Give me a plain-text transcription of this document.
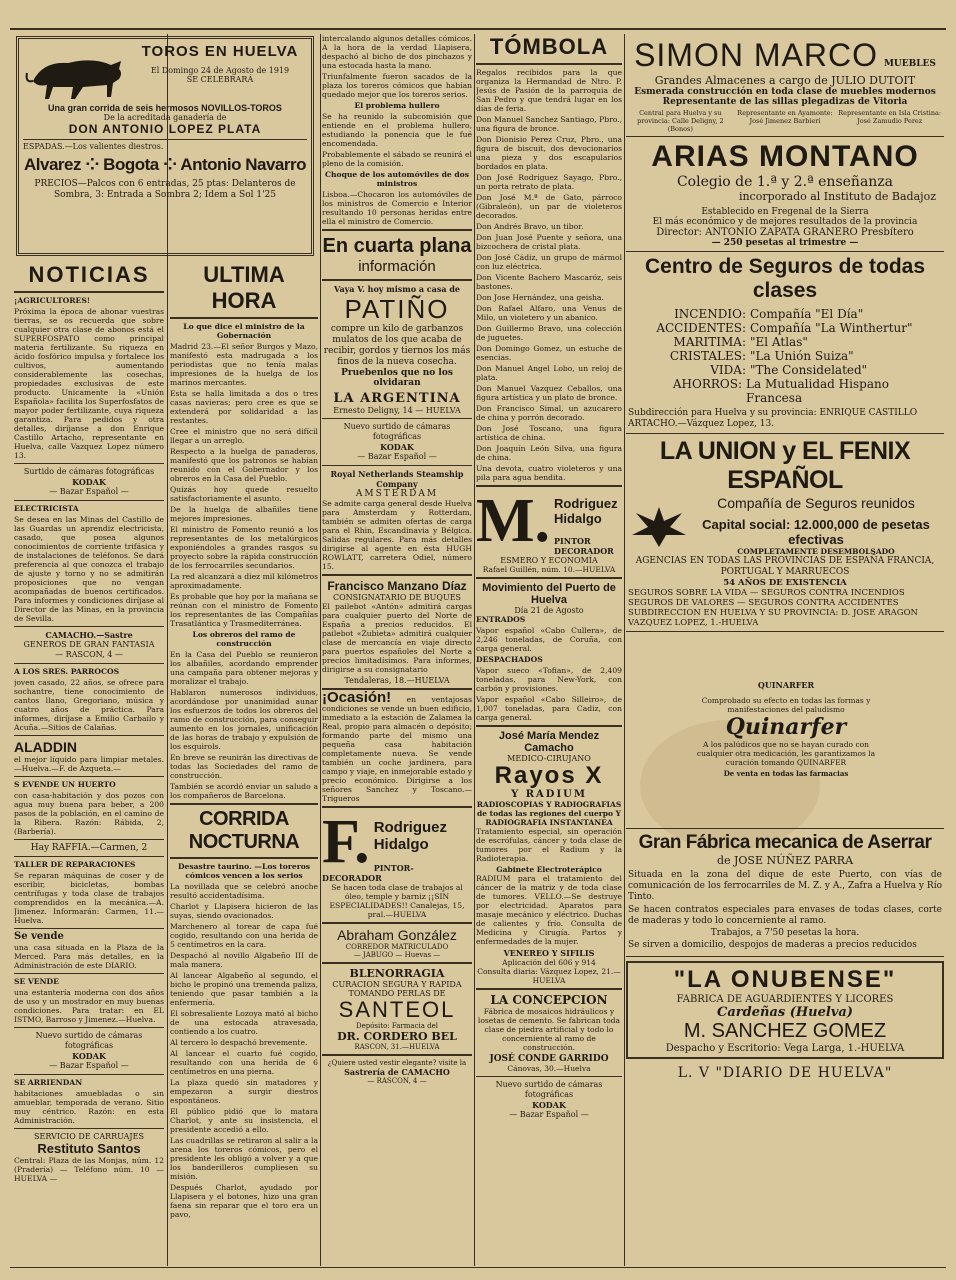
TOROS EN HUELVA
El Domingo 24 de Agosto de 1919
SE CELEBRARÁ
Una gran corrida de seis hermosos NOVILLOS-TOROS
De la acreditada ganadería de
DON ANTONIO LOPEZ PLATA
ESPADAS.—Los valientes diestros.
Alvarez ⁘ Bogota ⁘ Antonio Navarro
PRECIOS—Palcos con 6 entradas, 25 ptas: Delanteros de Sombra, 3: Entrada a Sombra 2; Idem a Sol 1'25
NOTICIAS

¡AGRICULTORES!

Próxima la época de abonar vuestras tierras, se os recuerda que sobre cualquier otra clase de abonos está el SUPERFOSPATO como principal materia fertilizante. Su riqueza en ácido fosfórico impulsa y fortalece los cultivos, aumentando considerablemente las cosechas, propiedades exclusivas de este producto. Unicamente la «Unión Española» facilita los Superfosfatos de mayor poder fertilizante, cuya riqueza garantiza. Para pedidos y otra detalles, diríjanse a don Enrique Castillo Artacho, representante en Huelva, calle Vazquez Lopez número 13.

Surtido de cámaras fotográficas
KODAK
— Bazar Español —

ELECTRICISTA

Se desea en las Minas del Castillo de las Guardas un aprendiz electricista, casado, que posea algunos conocimientos de corriente trifásica y de instalaciones de teléfonos. Se dará preferencia al que conozca el trabajo de ajuste y torno y no se admitirán proposiciones que no vengan acompañadas de buenos certificados. Para informes y condiciones diríjase al Director de las Minas, en la provincia de Sevilla.

CAMACHO.—Sastre
GENEROS DE GRAN FANTASIA
— RASCON, 4 —

A LOS SRES. PARROCOS

joven casado, 22 años, se ofrece para sochantre, tiene conocimiento de cantos llano, Gregoriano, música y cuatro años de práctica. Para informes, diríjase a Emilio Carbailo y Acuña.—Sitios de Calañas.

ALADDIN

el mejor líquido para limpiar metales. —Huelva.—F. de Azqueta.—

S EVENDE UN HUERTO

con casa-habitación y dos pozos con agua muy buena para beber, a 200 pasos de la población, en el camino de la Ribera. Razón: Rábida, 2, (Barbería).

Hay RAFFIA.—Carmen, 2

TALLER DE REPARACIONES

Se reparan máquinas de coser y de escribir, bicicletas, bombas centrífugas y toda clase de trabajos comprendidos en la mecánica.—A. Jimenez. Informarán: Carmen, 11.—Huelva.

Se vende

una casa situada en la Plaza de la Merced. Para más detalles, en la Administración de este DIARIO.

SE VENDE

una estantería moderna con dos años de uso y un mostrador en muy buenas condiciones. Para tratar: en EL ISTMO, Barroso y Jimenez.—Huelva.

Nuevo surtido de cámaras fotográficas
KODAK
— Bazar Español —

SE ARRIENDAN

habitaciones amuebladas o sin amueblar, temporada de verano. Sitio muy céntrico. Razón: en esta Administración.

SERVICIO DE CARRUAJES
Restituto Santos

Central: Plaza de las Monjas, núm. 12 (Pradería) — Teléfono núm. 10 — HUELVA —

ULTIMA HORA

Lo que dice el ministro de la Gobernación

Madrid 23.—El señor Burgos y Mazo, manifestó esta madrugada a los periodistas que no tenía malas impresiones de la huelga de los marinos mercantes.

Esta se halla limitada a dos o tres casas navieras; pero cree es que se extenderá por solidaridad a las restantes.

Cree el ministro que no será difícil llegar a un arreglo.

Respecto a la huelga de panaderos, manifestó que los patronos se habían reunido con el Gobernador y los obreros en la Casa del Pueblo.

Quizás hoy quede resuelto satisfactoriamente el asunto.

De la huelga de albañiles tiene mejores impresiones.

El ministro de Fomento reunió a los representantes de los metalúrgicos exponiéndoles a grandes rasgos su proyecto sobre la rápida construcción de los ferrocarriles secundarios.

La red alcanzará a diez mil kilómetros aproximadamente.

Es probable que hoy por la mañana se reúnan con el ministro de Fomento los representantes de las Compañías Trasatlántica y Trasmediterránea.

Los obreros del ramo de construcción

En la Casa del Pueblo se reunieron los albañiles, acordando emprender una campaña para obtener mejoras y moralizar el trabajo.

Hablaron numerosos individuos, acordándose por unanimidad aunar los esfuerzos de todos los obreros del ramo de construcción, para conseguir aumento en los jornales, unificación de las horas de trabajo y expulsión de los esquirols.

En breve se reunirán las directivas de todas las Sociedades del ramo de construcción.

También se acordó enviar un saludo a los compañeros de Barcelona.

CORRIDA NOCTURNA

Desastre taurino. —Los toreros cómicos vencen a los serios

La novillada que se celebró anoche resultó accidentadísima.

Charlot y Llapisera hicieron de las suyas, siendo ovacionados.

Marchenero al torear de capa fué cogido, resultando con una herida de 5 centímetros en la cara.

Despachó al novillo Algabeño III de mala manera.

Al lancear Algabeño al segundo, el bicho le propinó una tremenda paliza, teniendo que pasar también a la enfermería.

El sobresaliente Lozoya mató al bicho de una estocada atravesada, contiendo a los cuatro.

Al tercero lo despachó brevemente.

Al lancear el cuarto fué cogido, resultando con una herida de 6 centímetros en una pierna.

La plaza quedó sin matadores y empezaron a surgir diestros espontáneos.

El público pidió que lo matara Charlot, y ante su insistencia, el presidente accedió a ello.

Las cuadrillas se retiraron al salir a la arena los toreros cómicos, pero el presidente les obligó a volver y a que los banderilleros cumpliesen su misión.

Después Charlot, ayudado por Llapisera y el botones, hizo una gran faena sin reparar que el toro era un pavo,

intercalando algunos detalles cómicos. A la hora de la verdad Llapisera, despachó al bicho de dos pinchazos y una estocada hasta la mano.

Triunfalmente fueron sacados de la plaza los toreros cómicos que habían quedado mejor que los toreros serios.

El problema hullero

Se ha reunido la subcomisión que entiende en el problema hullero, estudiando la ponencia que le fué encomendada.

Probablemente el sábado se reunirá el pleno de la comisión.

Choque de los automóviles de dos ministros

Lisboa.—Chocaron los automóviles de los ministros de Comercio e Interior resultando 10 personas heridas entre ella el ministro de Comercio.

En cuarta plana
información
Vaya V. hoy mismo a casa de
PATIÑO
compre un kilo de garbanzos mulatos de los que acaba de recibir, gordos y tiernos los más finos de la nueva cosecha.
Pruebenlos que no los olvidaran
LA ARGENTINA
Ernesto Deligny, 14 — HUELVA
Nuevo surtido de cámaras fotográficas
KODAK
— Bazar Español —
Royal Netherlands Steamship Company
AMSTERDAM

Se admite carga general desde Huelva para Amsterdam y Rotterdam, también se admiten ofertas de carga para el Rhin, Escandinavia y Bélgica. Salidas regulares. Para más detalles dirigirse al agente en ésta HUGH ROWLATT, carretera Odiel, número 15.

Francisco Manzano Díaz
CONSIGNATARIO DE BUQUES

El pailebot «Antón» admitirá cargas para cualquier puerto del Norte de España a precios reducidos. El pailebot «Zubieta» admitirá cualquier clase de mercancía en viaje directo para puertos españoles del Norte a precios limitadísimos. Para informes, dirigirse a su consignatario

Tendaleras, 18.—HUELVA

¡Ocasión! en ventajosas condiciones se vende un buen edificio, inmediato a la estación de Zalamea la Real, propio para almacén o depósito; formando parte del mismo una pequeña casa habitación completamente nueva. Se vende también un coche jardinera, para campo y viaje, en inmejorable estado y precio económico. Dirigirse a los señores Sanchez y Toscano.—Trigueros

F. Rodriguez Hidalgo
PINTOR-DECORADOR

Se hacen toda clase de trabajos al óleo, temple y barniz ¡¡SIN ESPECIALIDADES!! Canalejas, 15, pral.—HUELVA

Abraham González
CORREDOR MATRICULADO
— JABUGO — Huevas —
BLENORRAGIA
CURACION SEGURA Y RAPIDA TOMANDO PERLAS DE
SANTEOL
Depósito: Farmacia del
DR. CORDERO BEL
RASCON, 31.—HUELVA
¿Quiere usted vestir elegante? visite la
Sastrería de CAMACHO
— RASCON, 4 —
TÓMBOLA

Regalos recibidos para la que organiza la Hermandad de Ntro. P. Jesús de Pasión de la parroquia de San Pedro y que tendrá lugar en los días de feria.

Don Manuel Sanchez Santiago, Pbro., una figura de bronce.

Don Dionisio Perez Cruz, Pbro., una figura de biscuit, dos devocionarios una pieza y dos escapularios bordados en plata.

Don José Rodriguez Sayago, Pbro., un porta retrato de plata.

Don José M.ª de Gato, párroco (Gibraleón), un par de violeteros decorados.

Don Andrés Bravo, un tibor.

Don Juan José Puente y señora, una bizcochera de cristal plata.

Don José Cádiz, un grupo de mármol con luz eléctrica.

Don Vicente Bachero Mascaróz, seis bastones.

Don Jose Hernández, una geisha.

Don Rafael Alfaro, una Venus de Milo, un violetero y un abanico.

Don Guillermo Bravo, una colección de juguetes.

Don Domingo Gomez, un estuche de esencias.

Don Manuel Angel Lobo, un reloj de plata.

Don Manuel Vazquez Ceballos, una figura artística y un plato de bronce.

Don Francisco Simal, un azucarero de china y porrón decorado.

Don José Toscano, una figura artística de china.

Don Joaquín León Silva, una figura de china.

Una devota, cuatro violeteros y una pila para agua bendita.

M. Rodriguez Hidalgo
PINTOR DECORADOR
ESMERO Y ECONOMÍA
Rafael Guillén, núm. 10.—HUELVA
Movimiento del Puerto de Huelva
Día 21 de Agosto

ENTRADOS

Vapor español «Cabo Cullera», de 2,246 toneladas, de Coruña, con carga general.

DESPACHADOS

Vapor sueco «Tofian», de 2,409 toneladas, para New-York, con carbón y provisiones.

Vapor español «Cabo Silleiro», de 1,007 toneladas, para Cadiz, con carga general.

José María Mendez Camacho
MEDICO-CIRUJANO
Rayos X
Y RADIUM
RADIOSCOPIAS Y RADIOGRAFIAS de todas las regiones del cuerpo Y RADIOGRAFIA INSTANTANEA

Tratamiento especial, sin operación de escrófulas, cáncer y toda clase de tumores por el Radium y la Radioterapia.

Gabinete Electroterápico

RADIUM para el tratamiento del cáncer de la matriz y de toda clase de tumores. VELLO.—Se destruye por electricidad. Aparatos para masaje mecánico y eléctrico. Duchas de calientes y frío. Consulta de Medicina y Cirugía. Partos y enfermedades de la mujer.

VENEREO Y SIFILIS
Aplicación del 606 y 914
Consulta diaria: Vázquez Lopez, 21.—HUELVA
LA CONCEPCION

Fábrica de mosaicos hidráulicos y losetas de cemento. Se fabrican toda clase de piedra artificial y todo lo concerniente al ramo de construcción.

JOSÉ CONDE GARRIDO
Cánovas, 30.—Huelva
Nuevo surtido de cámaras fotográficas
KODAK
— Bazar Español —
SIMON MARCO MUEBLES
Grandes Almacenes a cargo de JULIO DUTOIT
Esmerada construcción en toda clase de muebles modernos
Representante de las sillas plegadizas de Vitoria
Central para Huelva y su provincia: Calle Deligny, 2 (Bonos)
Representante en Ayamonte: José Jimenez Barbieri
Representante en Isla Cristina: José Zamudio Perez
ARIAS MONTANO
Colegio de 1.ª y 2.ª enseñanza
incorporado al Instituto de Badajoz
Establecido en Fregenal de la Sierra
El más económico y de mejores resultados de la provincia
Director: ANTONIO ZAPATA GRANERO Presbítero
— 250 pesetas al trimestre —
Centro de Seguros de todas clases
INCENDIO: Compañía "El Día"
ACCIDENTES: Compañía "La Winthertur"
MARITIMA: "El Atlas"
CRISTALES: "La Unión Suiza"
VIDA: "The Considelated"
AHORROS: La Mutualidad Hispano Francesa
Subdirección para Huelva y su provincia: ENRIQUE CASTILLO ARTACHO.—Vázquez Lopez, 13.
LA UNION y EL FENIX ESPAÑOL
Compañía de Seguros reunidos
Capital social: 12.000,000 de pesetas efectivas
COMPLETAMENTE DESEMBOLSADO
AGENCIAS EN TODAS LAS PROVINCIAS DE ESPAÑA FRANCIA, PORTUGAL Y MARRUECOS
54 AÑOS DE EXISTENCIA
SEGUROS SOBRE LA VIDA — SEGUROS CONTRA INCENDIOS
SEGUROS DE VALORES — SEGUROS CONTRA ACCIDENTES
SUBDIRECCION EN HUELVA Y SU PROVINCIA: D. JOSE ARAGON VAZQUEZ LOPEZ, 1.-HUELVA
QUINARFER
Comprobado su efecto en todas las formas y manifestaciones del paludismo
Quinarfer
A los palúdicos que no se hayan curado con cualquier otra medicación, les garantizamos la curación tomando QUINARFER
De venta en todas las farmacias
Gran Fábrica mecanica de Aserrar
de JOSE NÚÑEZ PARRA

Situada en la zona del dique de este Puerto, con vías de comunicación de los ferrocarriles de M. Z. y A., Zafra a Huelva y Río Tinto.

Se hacen contratos especiales para envases de todas clases, corte de maderas y todo lo concerniente al ramo.

Trabajos, a 7'50 pesetas la hora.

Se sirven a domicilio, despojos de maderas a precios reducidos

"LA ONUBENSE"
FABRICA DE AGUARDIENTES Y LICORES
Cardeñas (Huelva)
M. SANCHEZ GOMEZ
Despacho y Escritorio: Vega Larga, 1.-HUELVA
L. V "DIARIO DE HUELVA"
